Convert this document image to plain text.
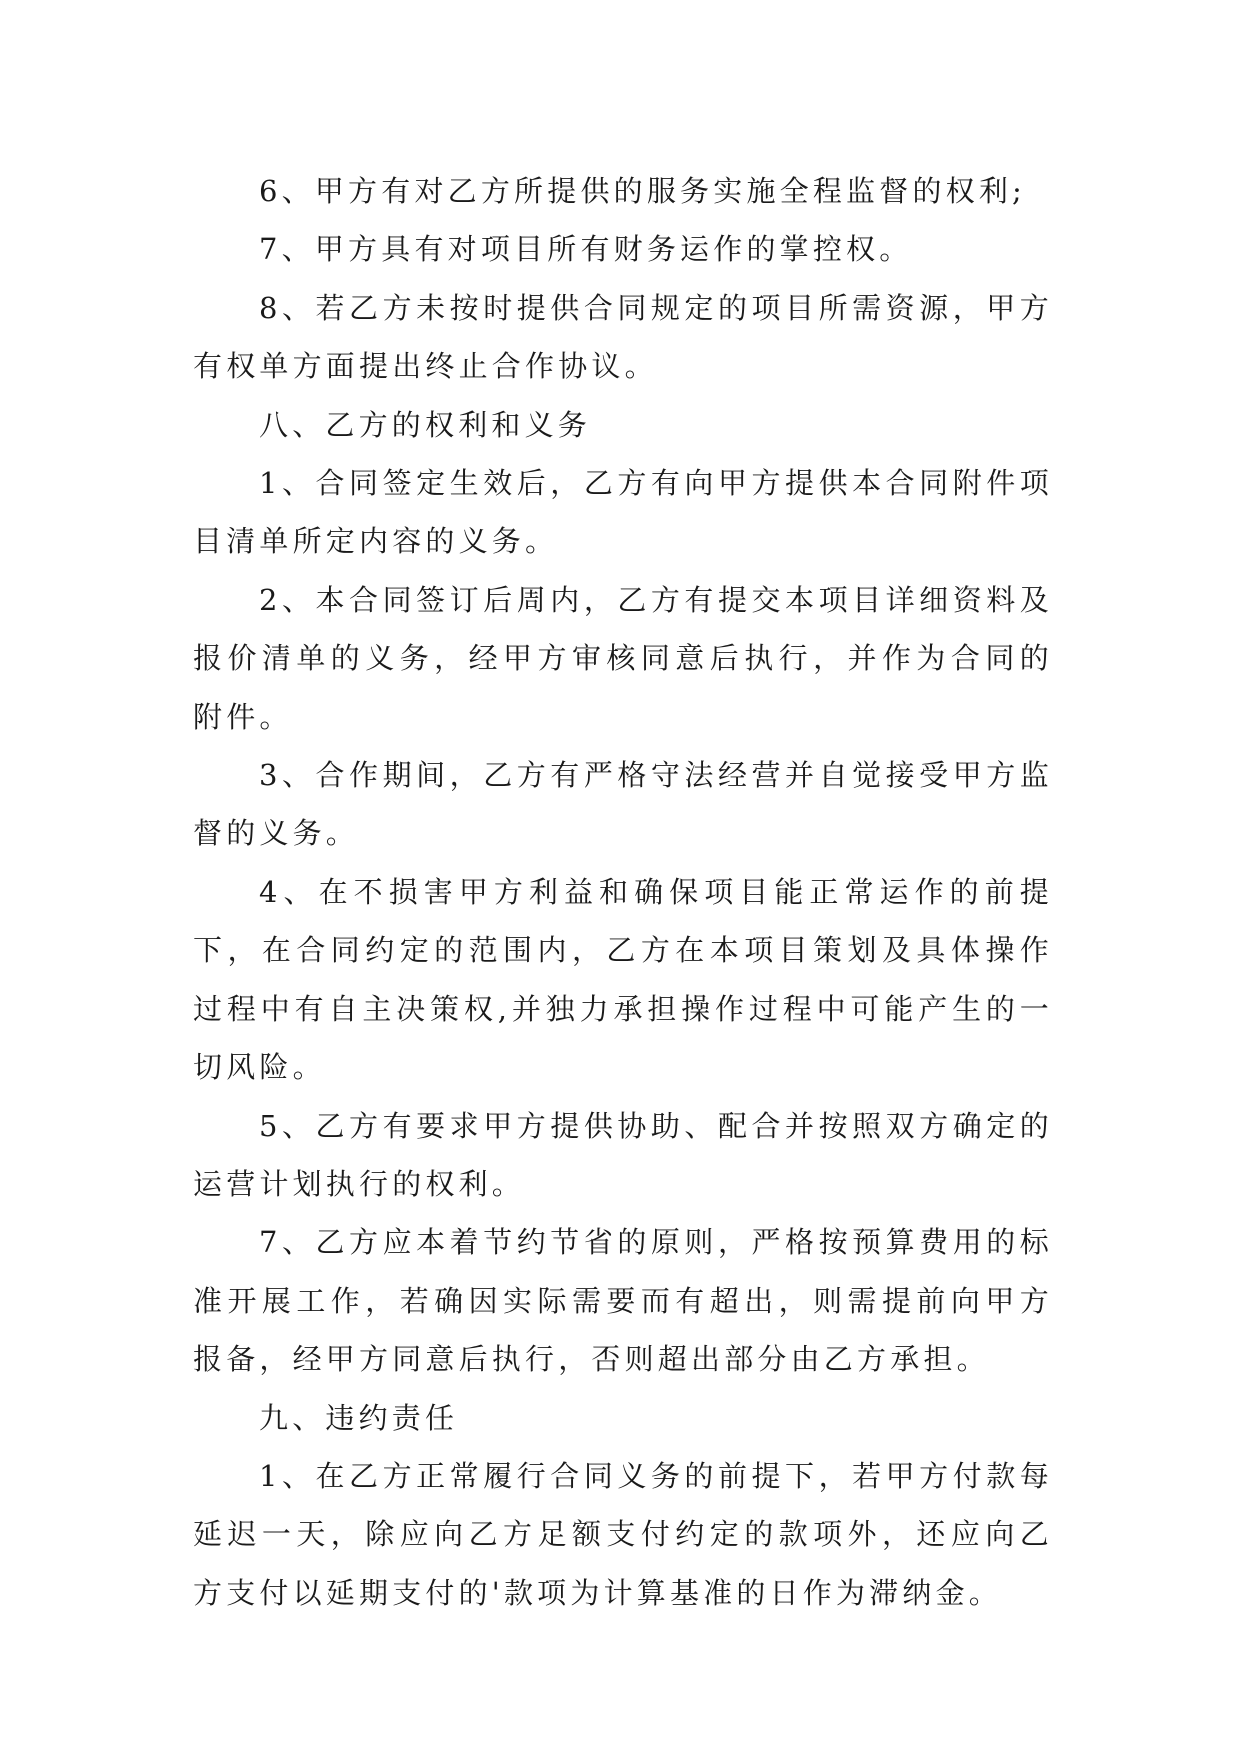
6、甲方有对乙方所提供的服务实施全程监督的权利;

7、甲方具有对项目所有财务运作的掌控权。

8、若乙方未按时提供合同规定的项目所需资源，甲方有权单方面提出终止合作协议。

八、乙方的权利和义务

1、合同签定生效后，乙方有向甲方提供本合同附件项目清单所定内容的义务。

2、本合同签订后周内，乙方有提交本项目详细资料及报价清单的义务，经甲方审核同意后执行，并作为合同的附件。

3、合作期间，乙方有严格守法经营并自觉接受甲方监督的义务。

4、在不损害甲方利益和确保项目能正常运作的前提下，在合同约定的范围内，乙方在本项目策划及具体操作过程中有自主决策权,并独力承担操作过程中可能产生的一切风险。

5、乙方有要求甲方提供协助、配合并按照双方确定的运营计划执行的权利。

7、乙方应本着节约节省的原则，严格按预算费用的标准开展工作，若确因实际需要而有超出，则需提前向甲方报备，经甲方同意后执行，否则超出部分由乙方承担。

九、违约责任

1、在乙方正常履行合同义务的前提下，若甲方付款每延迟一天，除应向乙方足额支付约定的款项外，还应向乙方支付以延期支付的'款项为计算基准的日作为滞纳金。
